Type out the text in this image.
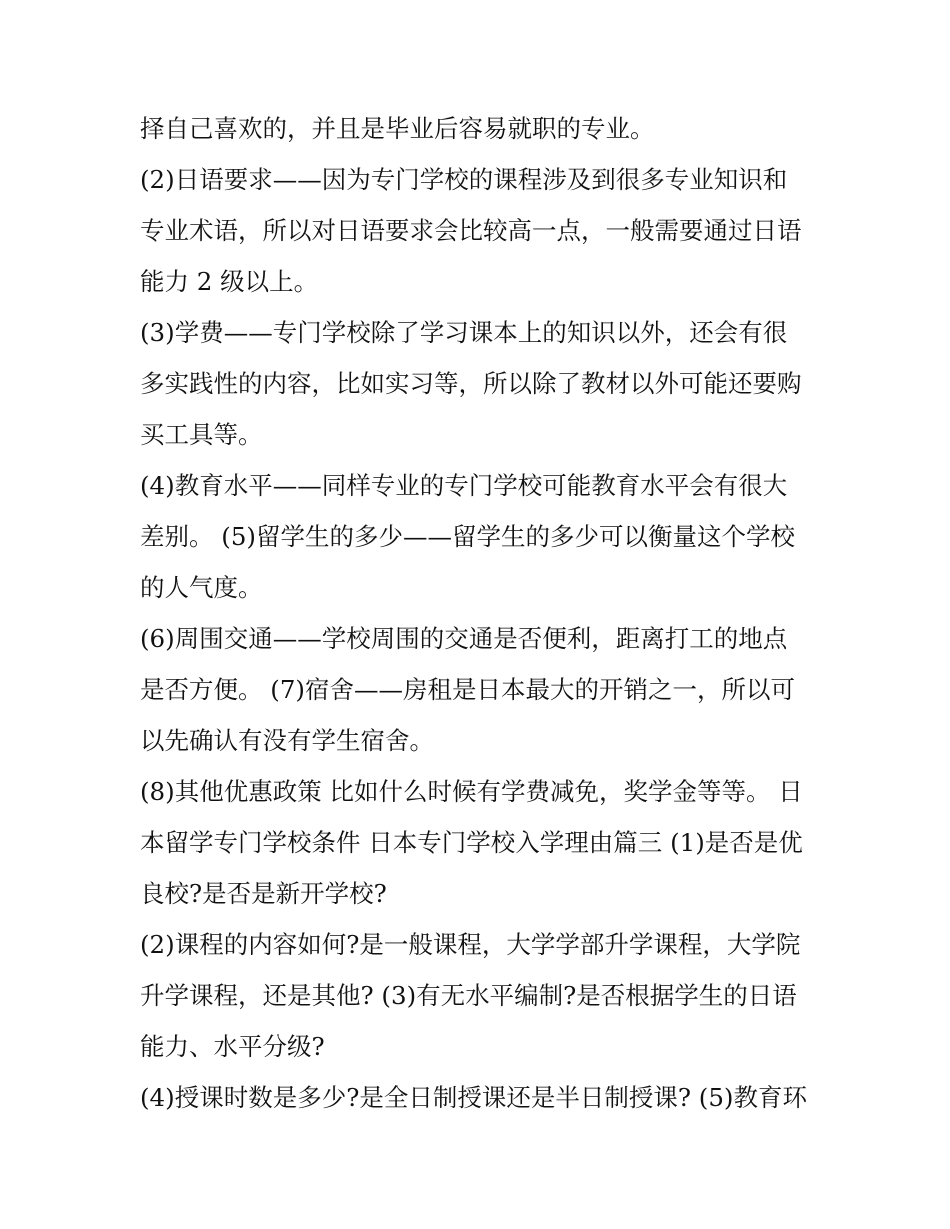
择自己喜欢的，并且是毕业后容易就职的专业。
(2)日语要求——因为专门学校的课程涉及到很多专业知识和
专业术语，所以对日语要求会比较高一点，一般需要通过日语
能力 2 级以上。
(3)学费——专门学校除了学习课本上的知识以外，还会有很
多实践性的内容，比如实习等，所以除了教材以外可能还要购
买工具等。
(4)教育水平——同样专业的专门学校可能教育水平会有很大
差别。 (5)留学生的多少——留学生的多少可以衡量这个学校
的人气度。
(6)周围交通——学校周围的交通是否便利，距离打工的地点
是否方便。 (7)宿舍——房租是日本最大的开销之一，所以可
以先确认有没有学生宿舍。
(8)其他优惠政策 比如什么时候有学费减免，奖学金等等。 日
本留学专门学校条件 日本专门学校入学理由篇三 (1)是否是优
良校?是否是新开学校?
(2)课程的内容如何?是一般课程，大学学部升学课程，大学院
升学课程，还是其他? (3)有无水平编制?是否根据学生的日语
能力、水平分级?
(4)授课时数是多少?是全日制授课还是半日制授课? (5)教育环
